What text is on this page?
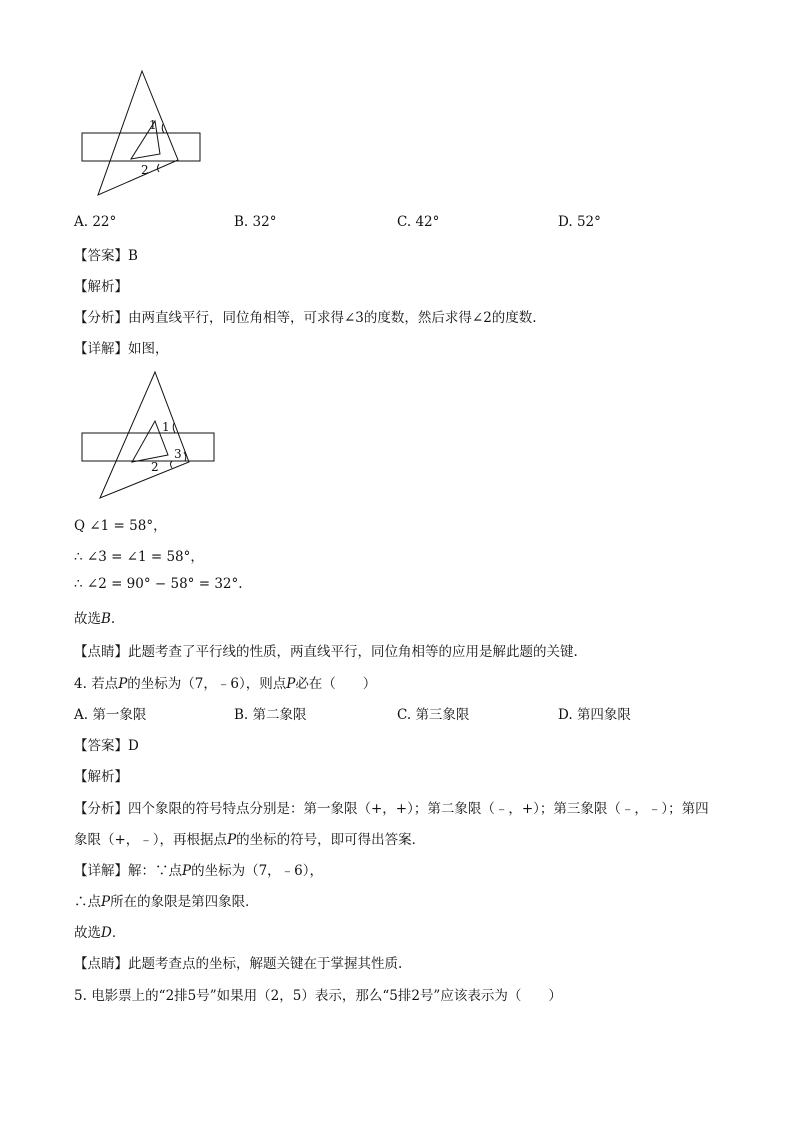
1
2
A. 22°	B. 32°	C. 42°	D. 52°
【答案】B
【解析】
【分析】由两直线平行，同位角相等，可求得∠3的度数，然后求得∠2的度数.
【详解】如图，
1
3
2
Q ∠1 = 58°，
∴ ∠3 = ∠1 = 58°，
∴ ∠2 = 90° − 58° = 32°.
故选B.
【点睛】此题考查了平行线的性质，两直线平行，同位角相等的应用是解此题的关键.
4. 若点P的坐标为（7，﹣6），则点P必在（　　）
A. 第一象限	B. 第二象限	C. 第三象限	D. 第四象限
【答案】D
【解析】
【分析】四个象限的符号特点分别是：第一象限（+，+）；第二象限（﹣，+）；第三象限（﹣，﹣）；第四
象限（+，﹣），再根据点P的坐标的符号，即可得出答案．
【详解】解：∵点P的坐标为（7，﹣6），
∴点P所在的象限是第四象限．
故选D．
【点睛】此题考查点的坐标，解题关键在于掌握其性质.
5. 电影票上的“2排5号”如果用（2，5）表示，那么“5排2号”应该表示为（　　）
